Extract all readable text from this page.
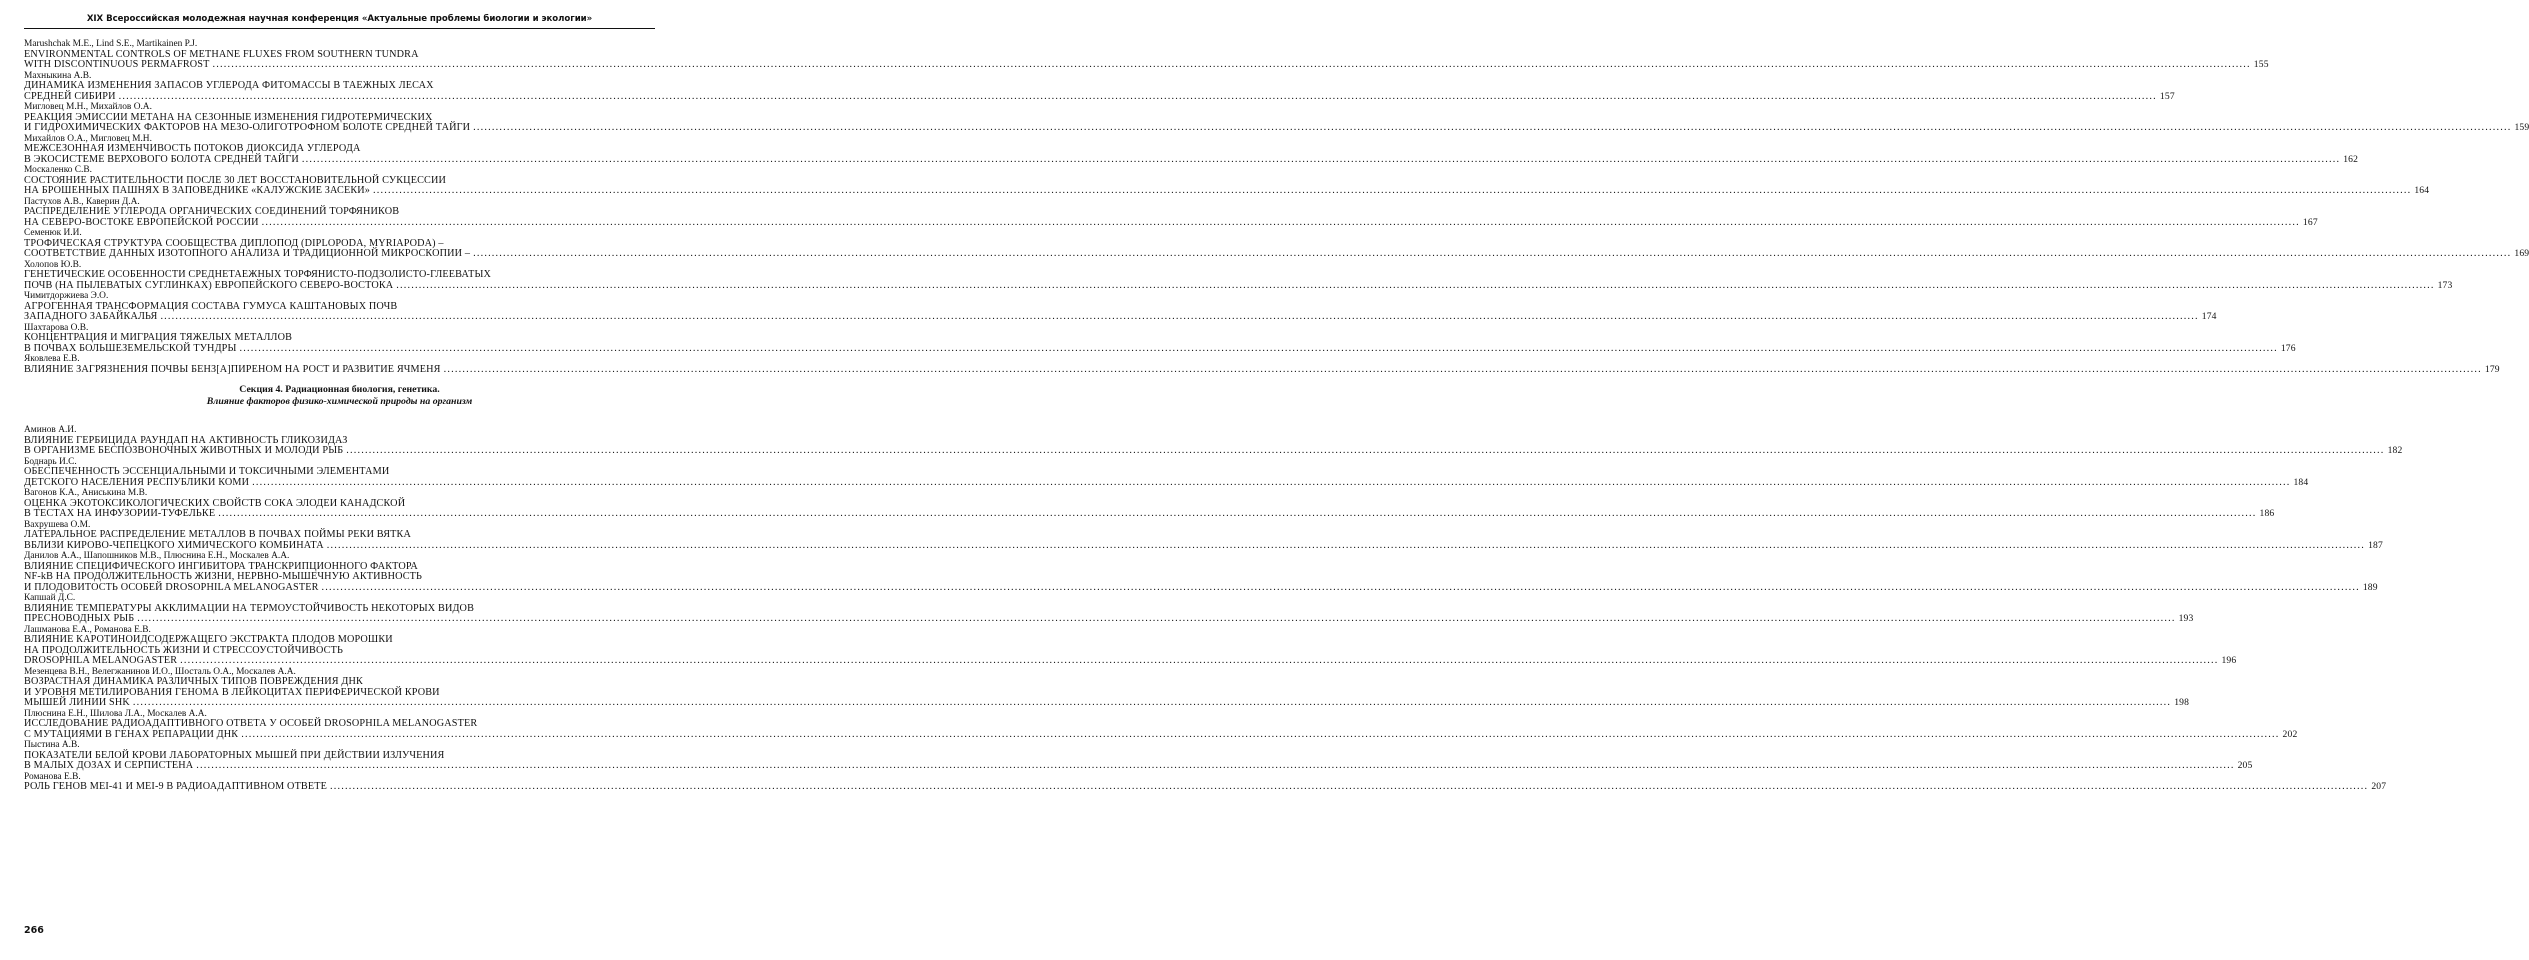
XIX Всероссийская молодежная научная конференция «Актуальные проблемы биологии и экологии»
Marushchak M.E., Lind S.E., Martikainen P.J.
ENVIRONMENTAL CONTROLS OF METHANE FLUXES FROM SOUTHERN TUNDRA
WITH DISCONTINUOUS PERMAFROST .....	155
Махныкина А.В.
ДИНАМИКА ИЗМЕНЕНИЯ ЗАПАСОВ УГЛЕРОДА ФИТОМАССЫ В ТАЕЖНЫХ ЛЕСАХ
СРЕДНЕЙ СИБИРИ .....	157
Мигловец М.Н., Михайлов О.А.
РЕАКЦИЯ ЭМИССИИ МЕТАНА НА СЕЗОННЫЕ ИЗМЕНЕНИЯ ГИДРОТЕРМИЧЕСКИХ
И ГИДРОХИМИЧЕСКИХ ФАКТОРОВ НА МЕЗО-ОЛИГОТРОФНОМ БОЛОТЕ СРЕДНЕЙ ТАЙГИ .....	159
Михайлов О.А., Мигловец М.Н.
МЕЖСЕЗОННАЯ ИЗМЕНЧИВОСТЬ ПОТОКОВ ДИОКСИДА УГЛЕРОДА
В ЭКОСИСТЕМЕ ВЕРХОВОГО БОЛОТА СРЕДНЕЙ ТАЙГИ .....	162
Москаленко С.В.
СОСТОЯНИЕ РАСТИТЕЛЬНОСТИ ПОСЛЕ 30 ЛЕТ ВОССТАНОВИТЕЛЬНОЙ СУКЦЕССИИ
НА БРОШЕННЫХ ПАШНЯХ В ЗАПОВЕДНИКЕ «КАЛУЖСКИЕ ЗАСЕКИ» .....	164
Пастухов А.В., Каверин Д.А.
РАСПРЕДЕЛЕНИЕ УГЛЕРОДА ОРГАНИЧЕСКИХ СОЕДИНЕНИЙ ТОРФЯНИКОВ
НА СЕВЕРО-ВОСТОКЕ ЕВРОПЕЙСКОЙ РОССИИ .....	167
Семенюк И.И.
ТРОФИЧЕСКАЯ СТРУКТУРА СООБЩЕСТВА ДИПЛОПОД (DIPLOPODA, MYRIAPODA) –
СООТВЕТСТВИЕ ДАННЫХ ИЗОТОПНОГО АНАЛИЗА И ТРАДИЦИОННОЙ МИКРОСКОПИИ – .....	169
Холопов Ю.В.
ГЕНЕТИЧЕСКИЕ ОСОБЕННОСТИ СРЕДНЕТАЕЖНЫХ ТОРФЯНИСТО-ПОДЗОЛИСТО-ГЛЕЕВАТЫХ
ПОЧВ (НА ПЫЛЕВАТЫХ СУГЛИНКАХ) ЕВРОПЕЙСКОГО СЕВЕРО-ВОСТОКА .....	173
Чимитдоржиева Э.О.
АГРОГЕННАЯ ТРАНСФОРМАЦИЯ СОСТАВА ГУМУСА КАШТАНОВЫХ ПОЧВ
ЗАПАДНОГО ЗАБАЙКАЛЬЯ .....	174
Шахтарова О.В.
КОНЦЕНТРАЦИЯ И МИГРАЦИЯ ТЯЖЕЛЫХ МЕТАЛЛОВ
В ПОЧВАХ БОЛЬШЕЗЕМЕЛЬСКОЙ ТУНДРЫ .....	176
Яковлева Е.В.
ВЛИЯНИЕ ЗАГРЯЗНЕНИЯ ПОЧВЫ БЕНЗ[А]ПИРЕНОМ НА РОСТ И РАЗВИТИЕ ЯЧМЕНЯ .....	179
Секция 4. Радиационная биология, генетика.
Влияние факторов физико-химической природы на организм
Аминов А.И.
ВЛИЯНИЕ ГЕРБИЦИДА РАУНДАП НА АКТИВНОСТЬ ГЛИКОЗИДАЗ
В ОРГАНИЗМЕ БЕСПОЗВОНОЧНЫХ ЖИВОТНЫХ И МОЛОДИ РЫБ .....	182
Боднарь И.С.
ОБЕСПЕЧЕННОСТЬ ЭССЕНЦИАЛЬНЫМИ И ТОКСИЧНЫМИ ЭЛЕМЕНТАМИ
ДЕТСКОГО НАСЕЛЕНИЯ РЕСПУБЛИКИ КОМИ .....	184
Вагонов К.А., Аниськина М.В.
ОЦЕНКА ЭКОТОКСИКОЛОГИЧЕСКИХ СВОЙСТВ СОКА ЭЛОДЕИ КАНАДСКОЙ
В ТЕСТАХ НА ИНФУЗОРИИ-ТУФЕЛЬКЕ .....	186
Вахрушева О.М.
ЛАТЕРАЛЬНОЕ РАСПРЕДЕЛЕНИЕ МЕТАЛЛОВ В ПОЧВАХ ПОЙМЫ РЕКИ ВЯТКА
ВБЛИЗИ КИРОВО-ЧЕПЕЦКОГО ХИМИЧЕСКОГО КОМБИНАТА .....	187
Данилов А.А., Шапошников М.В., Плюснина Е.Н., Москалев А.А.
ВЛИЯНИЕ СПЕЦИФИЧЕСКОГО ИНГИБИТОРА ТРАНСКРИПЦИОННОГО ФАКТОРА
NF-kB НА ПРОДОЛЖИТЕЛЬНОСТЬ ЖИЗНИ, НЕРВНО-МЫШЕЧНУЮ АКТИВНОСТЬ
И ПЛОДОВИТОСТЬ ОСОБЕЙ DROSOPHILA MELANOGASTER .....	189
Капшай Д.С.
ВЛИЯНИЕ ТЕМПЕРАТУРЫ АККЛИМАЦИИ НА ТЕРМОУСТОЙЧИВОСТЬ НЕКОТОРЫХ ВИДОВ
ПРЕСНОВОДНЫХ РЫБ .....	193
Лашманова Е.А., Романова Е.В.
ВЛИЯНИЕ КАРОТИНОИДСОДЕРЖАЩЕГО ЭКСТРАКТА ПЛОДОВ МОРОШКИ
НА ПРОДОЛЖИТЕЛЬНОСТЬ ЖИЗНИ И СТРЕССОУСТОЙЧИВОСТЬ
DROSOPHILA MELANOGASTER .....	196
Мезенцева В.Н., Велегжанинов И.О., Шосталь О.А., Москалев А.А.
ВОЗРАСТНАЯ ДИНАМИКА РАЗЛИЧНЫХ ТИПОВ ПОВРЕЖДЕНИЯ ДНК
И УРОВНЯ МЕТИЛИРОВАНИЯ ГЕНОМА В ЛЕЙКОЦИТАХ ПЕРИФЕРИЧЕСКОЙ КРОВИ
МЫШЕЙ ЛИНИИ SHK .....	198
Плюснина Е.Н., Шилова Л.А., Москалев А.А.
ИССЛЕДОВАНИЕ РАДИОАДАПТИВНОГО ОТВЕТА У ОСОБЕЙ DROSOPHILA MELANOGASTER
С МУТАЦИЯМИ В ГЕНАХ РЕПАРАЦИИ ДНК .....	202
Пыстина А.В.
ПОКАЗАТЕЛИ БЕЛОЙ КРОВИ ЛАБОРАТОРНЫХ МЫШЕЙ ПРИ ДЕЙСТВИИ ИЗЛУЧЕНИЯ
В МАЛЫХ ДОЗАХ И СЕРПИСТЕНА .....	205
Романова Е.В.
РОЛЬ ГЕНОВ MEI-41 И MEI-9 В РАДИОАДАПТИВНОМ ОТВЕТЕ .....	207
266
